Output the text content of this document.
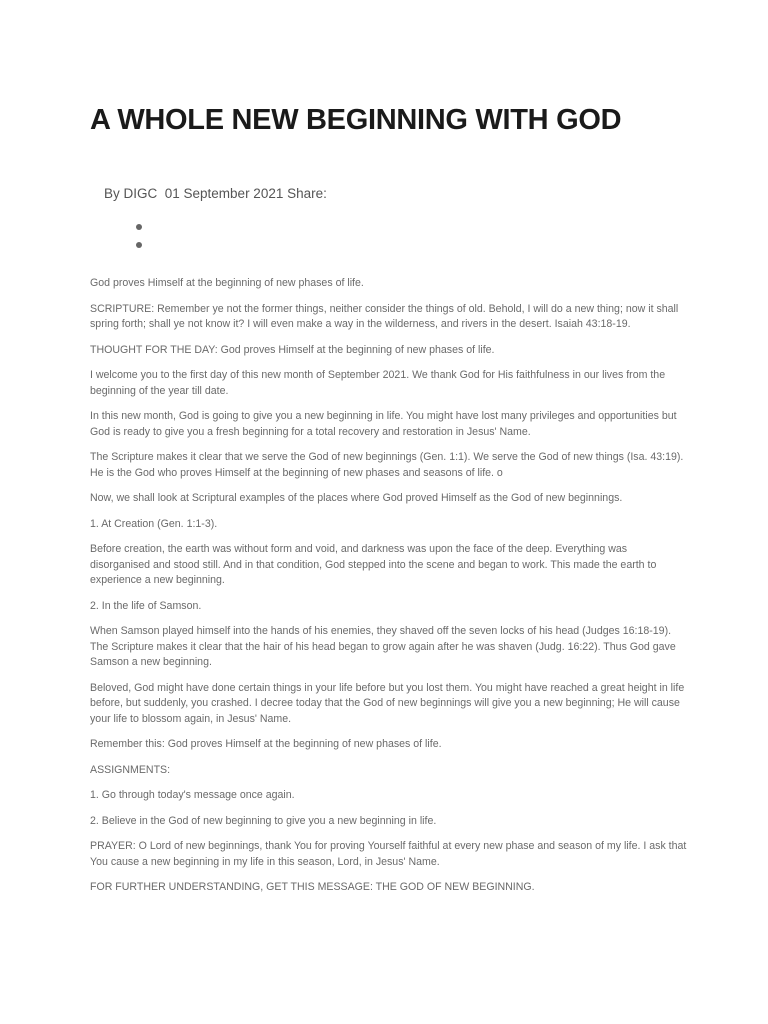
A WHOLE NEW BEGINNING WITH GOD
By DIGC  01 September 2021 Share:

God proves Himself at the beginning of new phases of life.

SCRIPTURE: Remember ye not the former things, neither consider the things of old. Behold, I will do a new thing; now it shall spring forth; shall ye not know it? I will even make a way in the wilderness, and rivers in the desert. Isaiah 43:18-19.

THOUGHT FOR THE DAY: God proves Himself at the beginning of new phases of life.

I welcome you to the first day of this new month of September 2021. We thank God for His faithfulness in our lives from the beginning of the year till date.

In this new month, God is going to give you a new beginning in life. You might have lost many privileges and opportunities but God is ready to give you a fresh beginning for a total recovery and restoration in Jesus' Name.

The Scripture makes it clear that we serve the God of new beginnings (Gen. 1:1). We serve the God of new things (Isa. 43:19). He is the God who proves Himself at the beginning of new phases and seasons of life. o

Now, we shall look at Scriptural examples of the places where God proved Himself as the God of new beginnings.

1. At Creation (Gen. 1:1-3).

Before creation, the earth was without form and void, and darkness was upon the face of the deep. Everything was disorganised and stood still. And in that condition, God stepped into the scene and began to work. This made the earth to experience a new beginning.

2. In the life of Samson.

When Samson played himself into the hands of his enemies, they shaved off the seven locks of his head (Judges 16:18-19). The Scripture makes it clear that the hair of his head began to grow again after he was shaven (Judg. 16:22). Thus God gave Samson a new beginning.

Beloved, God might have done certain things in your life before but you lost them. You might have reached a great height in life before, but suddenly, you crashed. I decree today that the God of new beginnings will give you a new beginning; He will cause your life to blossom again, in Jesus' Name.

Remember this: God proves Himself at the beginning of new phases of life.

ASSIGNMENTS:

1. Go through today's message once again.

2. Believe in the God of new beginning to give you a new beginning in life.

PRAYER: O Lord of new beginnings, thank You for proving Yourself faithful at every new phase and season of my life. I ask that You cause a new beginning in my life in this season, Lord, in Jesus' Name.

FOR FURTHER UNDERSTANDING, GET THIS MESSAGE: THE GOD OF NEW BEGINNING.
